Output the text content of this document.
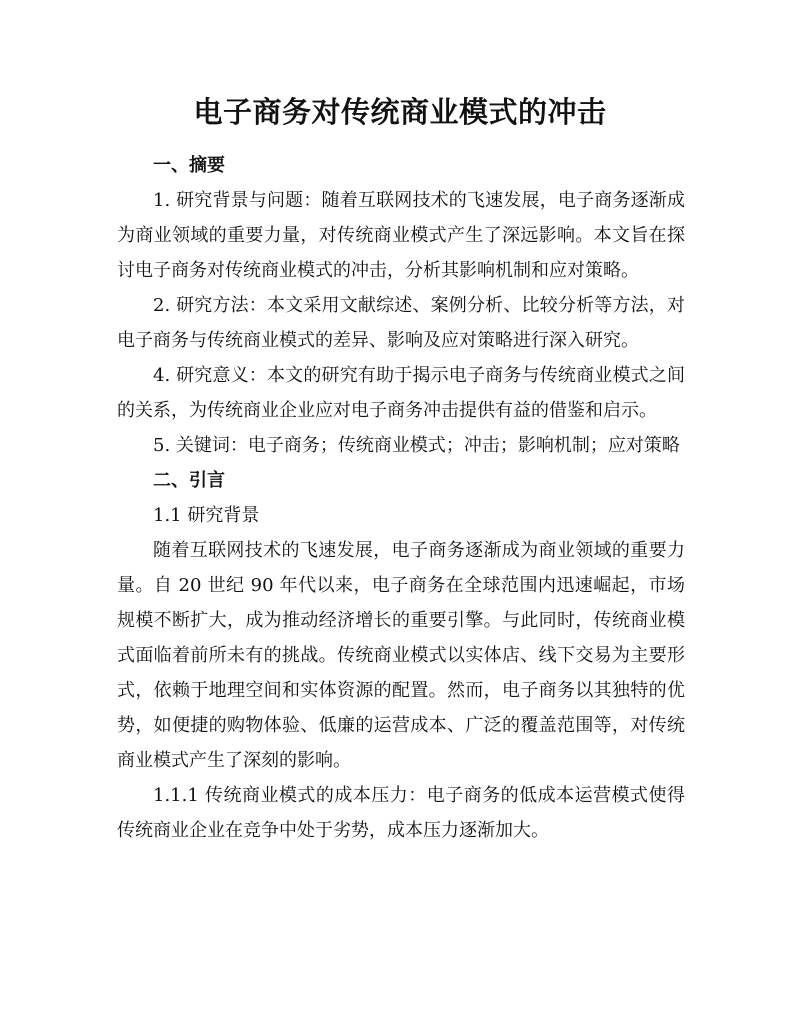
电子商务对传统商业模式的冲击

一、摘要

1. 研究背景与问题：随着互联网技术的飞速发展，电子商务逐渐成为商业领域的重要力量，对传统商业模式产生了深远影响。本文旨在探讨电子商务对传统商业模式的冲击，分析其影响机制和应对策略。

2. 研究方法：本文采用文献综述、案例分析、比较分析等方法，对电子商务与传统商业模式的差异、影响及应对策略进行深入研究。

4. 研究意义：本文的研究有助于揭示电子商务与传统商业模式之间的关系，为传统商业企业应对电子商务冲击提供有益的借鉴和启示。

5. 关键词：电子商务；传统商业模式；冲击；影响机制；应对策略

二、引言

1.1 研究背景

随着互联网技术的飞速发展，电子商务逐渐成为商业领域的重要力量。自 20 世纪 90 年代以来，电子商务在全球范围内迅速崛起，市场规模不断扩大，成为推动经济增长的重要引擎。与此同时，传统商业模式面临着前所未有的挑战。传统商业模式以实体店、线下交易为主要形式，依赖于地理空间和实体资源的配置。然而，电子商务以其独特的优势，如便捷的购物体验、低廉的运营成本、广泛的覆盖范围等，对传统商业模式产生了深刻的影响。

1.1.1 传统商业模式的成本压力：电子商务的低成本运营模式使得传统商业企业在竞争中处于劣势，成本压力逐渐加大。
